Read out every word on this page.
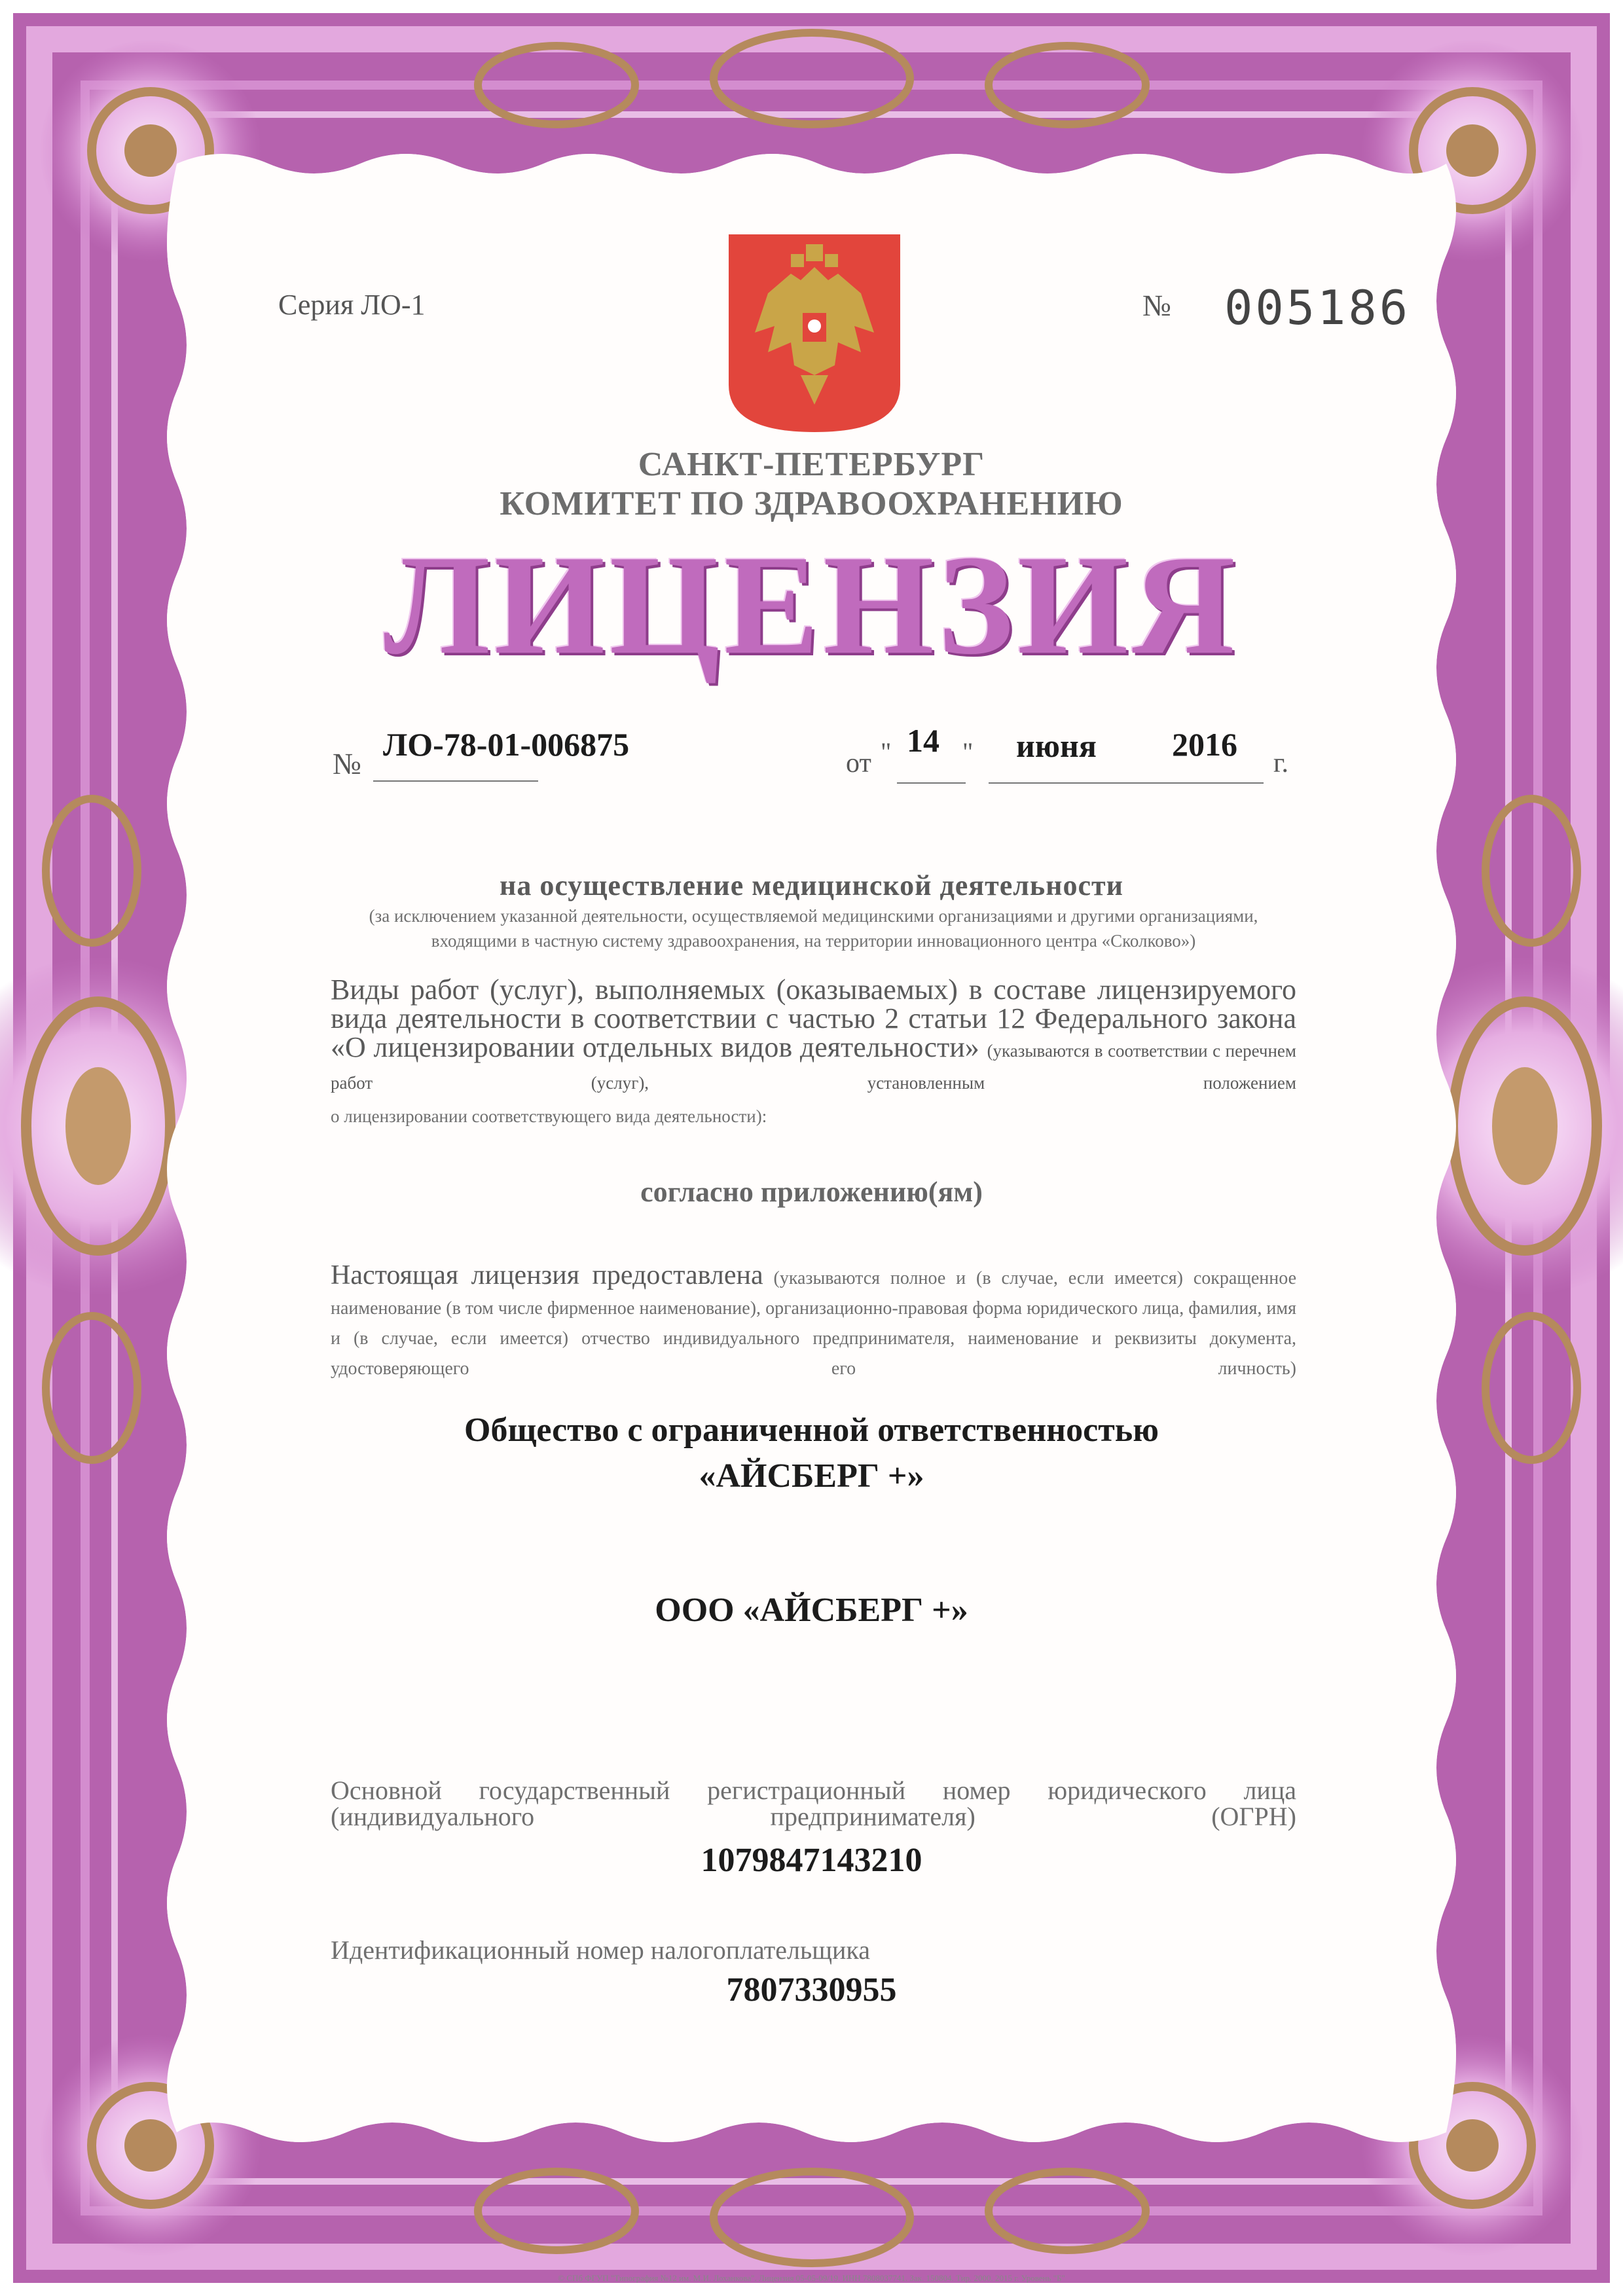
Серия ЛО-1	№ 005186
САНКТ-ПЕТЕРБУРГ
КОМИТЕТ ПО ЗДРАВООХРАНЕНИЮ
ЛИЦЕНЗИЯ
№
ЛО-78-01-006875
от " 14 " июня 2016
г.
на осуществление медицинской деятельности
(за исключением указанной деятельности, осуществляемой медицинскими организациями и другими организациями, входящими в частную систему здравоохранения, на территории инновационного центра «Сколково»)
Виды работ (услуг), выполняемых (оказываемых) в составе лицензируемого вида деятельности в соответствии с частью 2 статьи 12 Федерального закона «О лицензировании отдельных видов деятельности» (указываются в соответствии с перечнем работ (услуг), установленным положением
о лицензировании соответствующего вида деятельности):
согласно приложению(ям)
Настоящая лицензия предоставлена (указываются полное и (в случае, если имеется) сокращенное наименование (в том числе фирменное наименование), организационно-правовая форма юридического лица, фамилия, имя и (в случае, если имеется) отчество индивидуального предпринимателя, наименование и реквизиты документа, удостоверяющего его личность)
Общество с ограниченной ответственностью
«АЙСБЕРГ +»
ООО «АЙСБЕРГ +»
Основной государственный регистрационный номер юридического лица (индивидуального предпринимателя) (ОГРН)
1079847143210
Идентификационный номер налогоплательщика
7807330955
© СПб ФГУП "Типография №12 им. М.И. Лоханкова". Лицензия 05-05-09/19. ИНН 7808037741. Зак. 150804. Тир. 2000. 2015 г. Уровень "Б"
